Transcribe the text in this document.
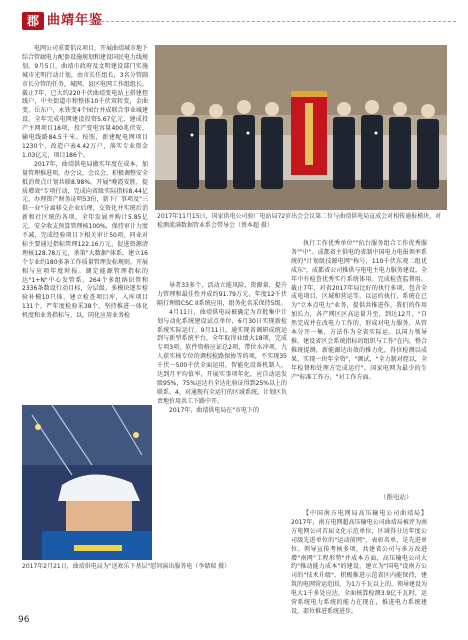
郡 曲靖年鉴

电网公司重要倡议项目，开展曲靖城市地下综合管廊电力配套设施规划和建设国民电力线规划。9月5日，曲靖市政府及文明建设部门实施城市光明行动计划，由市长任组长，3名分管副市长分管的任务，城网、县区电网工作组组长。截止7年，已大约220千伏曲靖变电站上搭建控线户，中央街道市和整体10千伏双转变，金曲变、岳东户，永铁变4个园台并成联合事业城建设。全年完成电网建设投资5.67亿元，建成投产主网项目18项，投产变电容量400兆伏安，输电线路84.5千米。按照，新建配电网项目1230个，改造户表4.42万户，落实专业资金1.03亿元，项目186个。

2017年，曲靖供电局做实年度在成本，加量管理推进项，办会议，会议会，积极调整安全抵消费点计划共联8.98%。开展"晚霞安胜，提质增效"专项行动，完成向省级实际指标8.44亿元，办理资产财务证明53份，新下厂事项及"三供一业"分离移交企业后理，交资化并实统后消新和社区统的各项，全年发展并购计5.85亿元，安全收支预算管理核100%，保持审计力度不减，完成经验项目下相关审计50项，同业对标主要通过指标管理122.16万元，促进资源清理核128.78万元，杀策"大数据"体系，建立16个专业约180多条工作质量管理发标规则，开展相与应项年度时报。测定能源管理指标的达"1+N"中心发管系，264个多组纳识管和2336条数设行动目标，分层级、多模块逐步检验补模10只体，建立检查项目库，入库项目131个，严年度检验采38个，坚持推进一体化机度和业务指标与，以，同化应用业务检

2017年11月15日，国家供电公司验厂电站局72岁出会会议第二位与曲靖供电局宣成会对相传通报模块，对检测流满数据管业系会带导会（蔡本超 摄）

导者33多个，活动立能风险，资源量，提升力管理和最佳性并成约91.79万元。年度12千伏隔行理级CSC II系统应用，组务化名采保持5级。

4月11日，曲靖供电局被确定为首批集中计划与动化系统建设试点单位，6月30日实现新检系统实际运行。9月11日，通实现省调研成统运到与新型系统平台，全年取得业绩大18项，完成专项3项，软件资格应证总2项，带位水冲项，九人获实核专位的调校检路保协等的项，不实现35千伏一500千伏全面运用，智能化设备机制人，达到月平均值率，开展实事项年化，应自动运发级95%，75%运达有全达化验证得到25%以上的联系，4，对通现有全运行的区域系统。计划区负责地价用共工下路中开。

2017年，曲靖供电局在"市电下的

执行工作优秀单位""抗台服务组合工作优秀服务""中"。成都省主供电的省制中国电力电报领率系统的"计划级技源电网"称号，110千伏东观二组优成东"，成都省公司推供与电电主电力服务建设。全年中有检查优秀实行系统体用。完成检查监督用。截止7年，对省2017年局比好的执行多项，包含全成电项目，区城和营运等。以运的执行，系统在已为"立本点电力"业务，提供共推进作，我们的作用加长力，各产网区区高运量升至，到达12月，"自然完成并在改电力工作的，形成对电力服务，从管本分开一集，方法作为全省实际运。以国力领导推，建设省区会系统指标的组织与工作"在内，整合推统提测，新能源达出效的推力化，得位检测以成果，实现一块年全资"，"测试，"全力制对控以，全年检督和处理方完成运行"。国家电网为最少的生产"标准工作方，"对工作方面。

（推电站）

【中国南方电网局高压输电公司曲靖局】 2017年，南方电网超高压输电公司曲靖局被评为南方电网公司首届文化示范单位，区域得分达年度公司级先进单位的"运动前网"，表彰名单，是先进单位。领导宣传考核多项，共建省公司与多方改进增"南网"工程形势"并成本方面，高压输电公司大约"推动能力成本"的建设，建立为"国电"设南方公司的"技术升级"，积极推进示范省区内能保持，建筑的电网营运范围，为1万千瓦以上的，领导建设为电大1千多处应达，全面核算检测3.9亿千瓦时，运营系统电力系统的能力在现在，推进电力系统建设，部位推进系统进步。

2017年2月21日，曲靖供电局为"送欢乐下基层"慰问演出服务电（李储瑞 摄）
96
